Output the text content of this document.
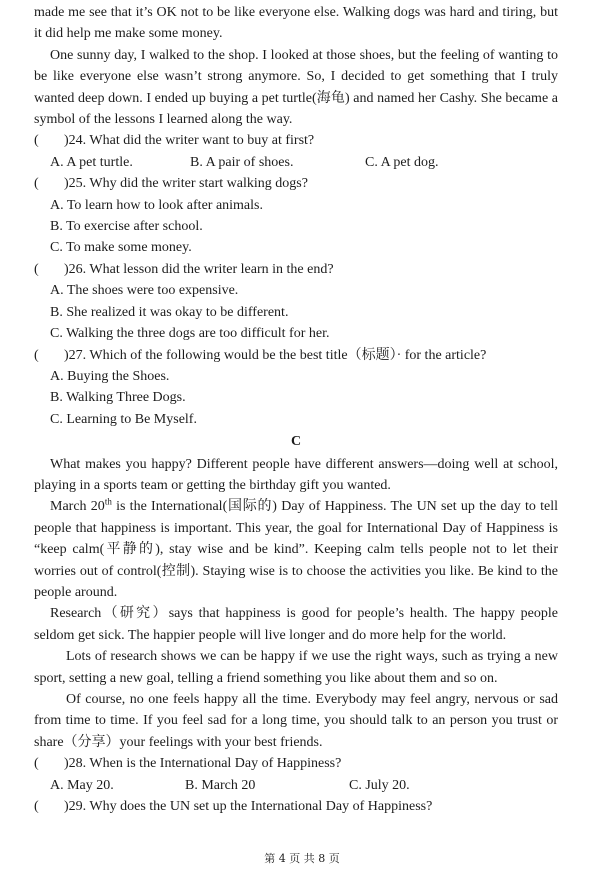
made me see that it’s OK not to be like everyone else. Walking dogs was hard and tiring, but it did help me make some money.

One sunny day, I walked to the shop. I looked at those shoes, but the feeling of wanting to be like everyone else wasn’t strong anymore. So, I decided to get something that I truly wanted deep down. I ended up buying a pet turtle(海龟) and named her Cashy. She became a symbol of the lessons I learned along the way.

( )24. What did the writer want to buy at first?

A. A pet turtle.	B. A pair of shoes.	C. A pet dog.

( )25. Why did the writer start walking dogs?

A. To learn how to look after animals.

B. To exercise after school.

C. To make some money.

( )26. What lesson did the writer learn in the end?

A. The shoes were too expensive.

B. She realized it was okay to be different.

C. Walking the three dogs are too difficult for her.

( )27. Which of the following would be the best title（标题）· for the article?

A. Buying the Shoes.

B. Walking Three Dogs.

C. Learning to Be Myself.

C

What makes you happy? Different people have different answers—doing well at school, playing in a sports team or getting the birthday gift you wanted.

March 20th is the International(国际的) Day of Happiness. The UN set up the day to tell people that happiness is important. This year, the goal for International Day of Happiness is “keep calm(平静的), stay wise and be kind”. Keeping calm tells people not to let their worries out of control(控制). Staying wise is to choose the activities you like. Be kind to the people around.

Research（研究）says that happiness is good for people’s health. The happy people seldom get sick. The happier people will live longer and do more help for the world.

Lots of research shows we can be happy if we use the right ways, such as trying a new sport, setting a new goal, telling a friend something you like about them and so on.

Of course, no one feels happy all the time. Everybody may feel angry, nervous or sad from time to time. If you feel sad for a long time, you should talk to an person you trust or share（分享）your feelings with your best friends.

( )28. When is the International Day of Happiness?

A. May 20.	B. March 20	C. July 20.

( )29. Why does the UN set up the International Day of Happiness?

第 4 页 共 8 页
